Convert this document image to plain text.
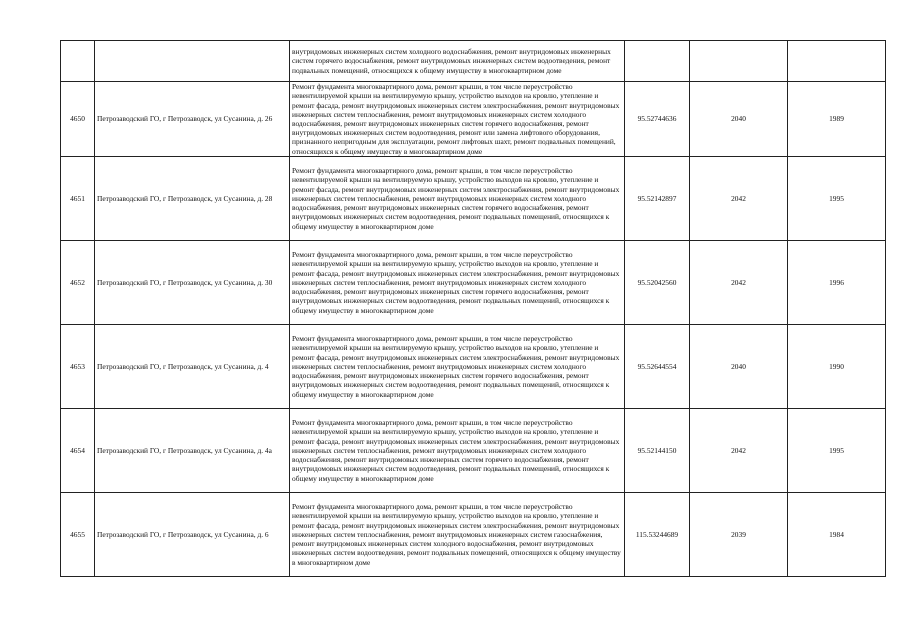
		внутридомовых инженерных систем холодного водоснабжения, ремонт внутридомовых инженерных систем горячего водоснабжения, ремонт внутридомовых инженерных систем водоотведения, ремонт подвальных помещений, относящихся к общему имуществу в многоквартирном доме			
4650	Петрозаводский ГО, г Петрозаводск, ул Сусанина, д. 26	Ремонт фундамента многоквартирного дома, ремонт крыши, в том числе переустройство невентилируемой крыши на вентилируемую крышу, устройство выходов на кровлю, утепление и ремонт фасада, ремонт внутридомовых инженерных систем электроснабжения, ремонт внутридомовых инженерных систем теплоснабжения, ремонт внутридомовых инженерных систем холодного водоснабжения, ремонт внутридомовых инженерных систем горячего водоснабжения, ремонт внутридомовых инженерных систем водоотведения, ремонт или замена лифтового оборудования, признанного непригодным для эксплуатации, ремонт лифтовых шахт, ремонт подвальных помещений, относящихся к общему имуществу в многоквартирном доме	95.52744636	2040	1989
4651	Петрозаводский ГО, г Петрозаводск, ул Сусанина, д. 28	Ремонт фундамента многоквартирного дома, ремонт крыши, в том числе переустройство невентилируемой крыши на вентилируемую крышу, устройство выходов на кровлю, утепление и ремонт фасада, ремонт внутридомовых инженерных систем электроснабжения, ремонт внутридомовых инженерных систем теплоснабжения, ремонт внутридомовых инженерных систем холодного водоснабжения, ремонт внутридомовых инженерных систем горячего водоснабжения, ремонт внутридомовых инженерных систем водоотведения, ремонт подвальных помещений, относящихся к общему имуществу в многоквартирном доме	95.52142897	2042	1995
4652	Петрозаводский ГО, г Петрозаводск, ул Сусанина, д. 30	Ремонт фундамента многоквартирного дома, ремонт крыши, в том числе переустройство невентилируемой крыши на вентилируемую крышу, устройство выходов на кровлю, утепление и ремонт фасада, ремонт внутридомовых инженерных систем электроснабжения, ремонт внутридомовых инженерных систем теплоснабжения, ремонт внутридомовых инженерных систем холодного водоснабжения, ремонт внутридомовых инженерных систем горячего водоснабжения, ремонт внутридомовых инженерных систем водоотведения, ремонт подвальных помещений, относящихся к общему имуществу в многоквартирном доме	95.52042560	2042	1996
4653	Петрозаводский ГО, г Петрозаводск, ул Сусанина, д. 4	Ремонт фундамента многоквартирного дома, ремонт крыши, в том числе переустройство невентилируемой крыши на вентилируемую крышу, устройство выходов на кровлю, утепление и ремонт фасада, ремонт внутридомовых инженерных систем электроснабжения, ремонт внутридомовых инженерных систем теплоснабжения, ремонт внутридомовых инженерных систем холодного водоснабжения, ремонт внутридомовых инженерных систем горячего водоснабжения, ремонт внутридомовых инженерных систем водоотведения, ремонт подвальных помещений, относящихся к общему имуществу в многоквартирном доме	95.52644554	2040	1990
4654	Петрозаводский ГО, г Петрозаводск, ул Сусанина, д. 4а	Ремонт фундамента многоквартирного дома, ремонт крыши, в том числе переустройство невентилируемой крыши на вентилируемую крышу, устройство выходов на кровлю, утепление и ремонт фасада, ремонт внутридомовых инженерных систем электроснабжения, ремонт внутридомовых инженерных систем теплоснабжения, ремонт внутридомовых инженерных систем холодного водоснабжения, ремонт внутридомовых инженерных систем горячего водоснабжения, ремонт внутридомовых инженерных систем водоотведения, ремонт подвальных помещений, относящихся к общему имуществу в многоквартирном доме	95.52144150	2042	1995
4655	Петрозаводский ГО, г Петрозаводск, ул Сусанина, д. 6	Ремонт фундамента многоквартирного дома, ремонт крыши, в том числе переустройство невентилируемой крыши на вентилируемую крышу, устройство выходов на кровлю, утепление и ремонт фасада, ремонт внутридомовых инженерных систем электроснабжения, ремонт внутридомовых инженерных систем теплоснабжения, ремонт внутридомовых инженерных систем газоснабжения, ремонт внутридомовых инженерных систем холодного водоснабжения, ремонт внутридомовых инженерных систем водоотведения, ремонт подвальных помещений, относящихся к общему имуществу в многоквартирном доме	115.53244689	2039	1984
